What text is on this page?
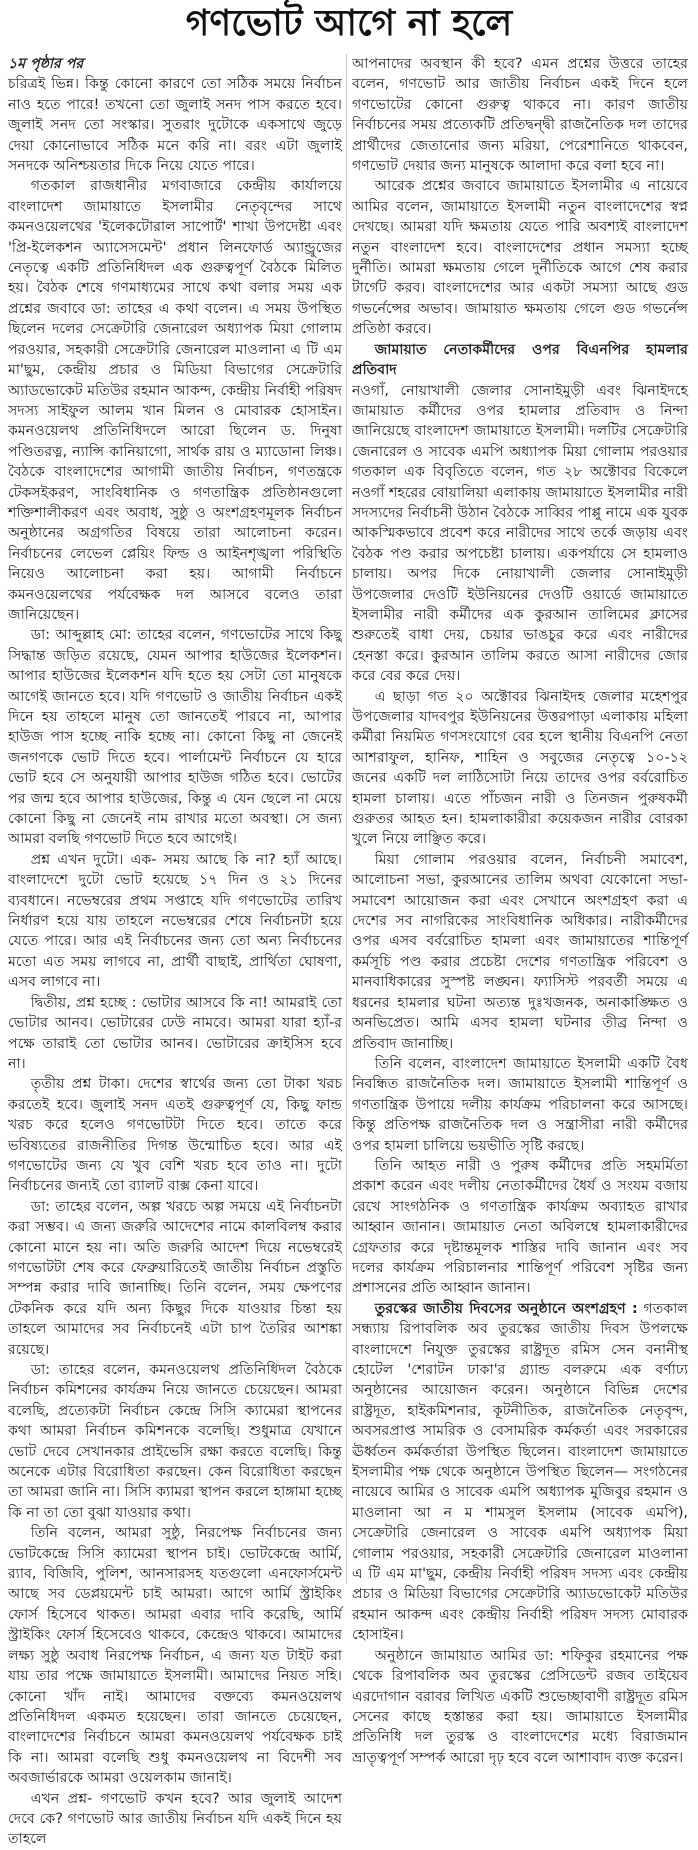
গণভোট আগে না হলে

১ম পৃষ্ঠার পর

চরিত্রই ভিন্ন। কিন্তু কোনো কারণে তো সঠিক সময়ে নির্বাচন নাও হতে পারে! তখনো তো জুলাই সনদ পাস করতে হবে। জুলাই সনদ তো সংস্কার। সুতরাং দুটোকে একসাথে জুড়ে দেয়া কোনোভাবে সঠিক মনে করি না। বরং এটা জুলাই সনদকে অনিশ্চয়তার দিকে নিয়ে যেতে পারে।

গতকাল রাজধানীর মগবাজারে কেন্দ্রীয় কার্যালয়ে বাংলাদেশ জামায়াতে ইসলামীর নেতৃবৃন্দের সাথে কমনওয়েলথের 'ইলেকটোরাল সাপোর্ট' শাখা উপদেষ্টা এবং 'প্রি-ইলেকশন অ্যাসেসমেন্ট' প্রধান লিনফোর্ড অ্যান্ড্রুজের নেতৃত্বে একটি প্রতিনিধিদল এক গুরুত্বপূর্ণ বৈঠকে মিলিত হয়। বৈঠক শেষে গণমাধ্যমের সাথে কথা বলার সময় এক প্রশ্নের জবাবে ডা: তাহের এ কথা বলেন। এ সময় উপস্থিত ছিলেন দলের সেক্রেটারি জেনারেল অধ্যাপক মিয়া গোলাম পরওয়ার, সহকারী সেক্রেটারি জেনারেল মাওলানা এ টি এম মা'ছুম, কেন্দ্রীয় প্রচার ও মিডিয়া বিভাগের সেক্রেটারি অ্যাডভোকেট মতিউর রহমান আকন্দ, কেন্দ্রীয় নির্বাহী পরিষদ সদস্য সাইফুল আলম খান মিলন ও মোবারক হোসাইন। কমনওয়েলথ প্রতিনিধিদলে আরো ছিলেন ড. দিনুষা পণ্ডিতরত্ন, ন্যান্সি কানিয়াগো, সার্থক রায় ও ম্যাডোনা লিঞ্চ। বৈঠকে বাংলাদেশের আগামী জাতীয় নির্বাচন, গণতন্ত্রকে টেকসইকরণ, সাংবিধানিক ও গণতান্ত্রিক প্রতিষ্ঠানগুলো শক্তিশালীকরণ এবং অবাধ, সুষ্ঠু ও অংশগ্রহণমূলক নির্বাচন অনুষ্ঠানের অগ্রগতির বিষয়ে তারা আলোচনা করেন। নির্বাচনের লেভেল প্লেয়িং ফিল্ড ও আইনশৃঙ্খলা পরিস্থিতি নিয়েও আলোচনা করা হয়। আগামী নির্বাচনে কমনওয়েলথের পর্যবেক্ষক দল আসবে বলেও তারা জানিয়েছেন।

ডা: আব্দুল্লাহ মো: তাহের বলেন, গণভোটের সাথে কিছু সিদ্ধান্ত জড়িত রয়েছে, যেমন আপার হাউজের ইলেকশন। আপার হাউজের ইলেকশন যদি হতে হয় সেটা তো মানুষকে আগেই জানতে হবে। যদি গণভোট ও জাতীয় নির্বাচন একই দিনে হয় তাহলে মানুষ তো জানতেই পারবে না, আপার হাউজ পাস হচ্ছে নাকি হচ্ছে না। কোনো কিছু না জেনেই জনগণকে ভোট দিতে হবে। পার্লামেন্ট নির্বাচনে যে হারে ভোট হবে সে অনুযায়ী আপার হাউজ গঠিত হবে। ভোটের পর জন্ম হবে আপার হাউজের, কিন্তু এ যেন ছেলে না মেয়ে কোনো কিছু না জেনেই নাম রাখার মতো অবস্থা। সে জন্য আমরা বলছি গণভোট দিতে হবে আগেই।

প্রশ্ন এখন দুটো। এক- সময় আছে কি না? হ্যাঁ আছে। বাংলাদেশে দুটো ভোট হয়েছে ১৭ দিন ও ২১ দিনের ব্যবধানে। নভেম্বরের প্রথম সপ্তাহে যদি গণভোটের তারিখ নির্ধারণ হয়ে যায় তাহলে নভেম্বরের শেষে নির্বাচনটা হয়ে যেতে পারে। আর এই নির্বাচনের জন্য তো অন্য নির্বাচনের মতো এত সময় লাগবে না, প্রার্থী বাছাই, প্রার্থিতা ঘোষণা, এসব লাগবে না।

দ্বিতীয়, প্রশ্ন হচ্ছে : ভোটার আসবে কি না! আমরাই তো ভোটার আনব। ভোটারের ঢেউ নামবে। আমরা যারা হ্যাঁ-র পক্ষে তারাই তো ভোটার আনব। ভোটারের ক্রাইসিস হবে না।

তৃতীয় প্রশ্ন টাকা। দেশের স্বার্থের জন্য তো টাকা খরচ করতেই হবে। জুলাই সনদ এতই গুরুত্বপূর্ণ যে, কিছু ফান্ড খরচ করে হলেও গণভোটটা দিতে হবে। তাতে করে ভবিষ্যতের রাজনীতির দিগন্ত উন্মোচিত হবে। আর এই গণভোটের জন্য যে খুব বেশি খরচ হবে তাও না। দুটো নির্বাচনের জন্যই তো ব্যালট বাক্স কেনা যাবে।

ডা: তাহের বলেন, অল্প খরচে অল্প সময়ে এই নির্বাচনটা করা সম্ভব। এ জন্য জরুরি আদেশের নামে কালবিলম্ব করার কোনো মানে হয় না। অতি জরুরি আদেশ দিয়ে নভেম্বরেই গণভোটটা শেষ করে ফেব্রুয়ারিতেই জাতীয় নির্বাচন প্রস্তুতি সম্পন্ন করার দাবি জানাচ্ছি। তিনি বলেন, সময় ক্ষেপণের টেকনিক করে যদি অন্য কিছুর দিকে যাওয়ার চিন্তা হয় তাহলে আমাদের সব নির্বাচনেই এটা চাপ তৈরির আশঙ্কা রয়েছে।

ডা: তাহের বলেন, কমনওয়েলথ প্রতিনিধিদল বৈঠকে নির্বাচন কমিশনের কার্যক্রম নিয়ে জানতে চেয়েছেন। আমরা বলেছি, প্রত্যেকটা নির্বাচন কেন্দ্রে সিসি ক্যামেরা স্থাপনের কথা আমরা নির্বাচন কমিশনকে বলেছি। শুধুমাত্র যেখানে ভোট দেবে সেখানকার প্রাইভেসি রক্ষা করতে বলেছি। কিন্তু অনেকে এটার বিরোধিতা করছেন। কেন বিরোধিতা করছেন তা আমরা জানি না। সিসি ক্যামরা স্থাপন করলে হাঙ্গামা হচ্ছে কি না তা তো বুঝা যাওয়ার কথা।

তিনি বলেন, আমরা সুষ্ঠু, নিরপেক্ষ নির্বাচনের জন্য ভোটকেন্দ্রে সিসি ক্যামেরা স্থাপন চাই। ভোটকেন্দ্রে আর্মি, র‍্যাব, বিজিবি, পুলিশ, আনসারসহ যতগুলো এনফোর্সমেন্ট আছে সব ডেপ্লয়মেন্ট চাই আমরা। আগে আর্মি স্ট্রাইকিং ফোর্স হিসেবে থাকত। আমরা এবার দাবি করেছি, আর্মি স্ট্রাইকিং ফোর্স হিসেবেও থাকবে, কেন্দ্রেও থাকবে। আমাদের লক্ষ্য সুষ্ঠু অবাধ নিরপেক্ষ নির্বাচন, এ জন্য যত টাইট করা যায় তার পক্ষে জামায়াতে ইসলামী। আমাদের নিয়ত সহি। কোনো খাঁদ নাই। আমাদের বক্তব্যে কমনওয়েলথ প্রতিনিধিদল একমত হয়েছেন। তারা জানতে চেয়েছেন, বাংলাদেশের নির্বাচনে আমরা কমনওয়েলথ পর্যবেক্ষক চাই কি না। আমরা বলেছি শুধু কমনওয়েলথ না বিদেশী সব অবজার্ভারকে আমরা ওয়েলকাম জানাই।

এখন প্রশ্ন- গণভোট কখন হবে? আর জুলাই আদেশ দেবে কে? গণভোট আর জাতীয় নির্বাচন যদি একই দিনে হয় তাহলে

আপনাদের অবস্থান কী হবে? এমন প্রশ্নের উত্তরে তাহের বলেন, গণভোট আর জাতীয় নির্বাচন একই দিনে হলে গণভোটের কোনো গুরুত্ব থাকবে না। কারণ জাতীয় নির্বাচনের সময় প্রত্যেকটি প্রতিদ্বন্দ্বী রাজনৈতিক দল তাদের প্রার্থীদের জেতানোর জন্য মরিয়া, পেরেশানিতে থাকবেন, গণভোট দেয়ার জন্য মানুষকে আলাদা করে বলা হবে না।

আরেক প্রশ্নের জবাবে জামায়াতে ইসলামীর এ নায়েবে আমির বলেন, জামায়াতে ইসলামী নতুন বাংলাদেশের স্বপ্ন দেখছে। আমরা যদি ক্ষমতায় যেতে পারি অবশ্যই বাংলাদেশ নতুন বাংলাদেশ হবে। বাংলাদেশের প্রধান সমস্যা হচ্ছে দুর্নীতি। আমরা ক্ষমতায় গেলে দুর্নীতিকে আগে শেষ করার টার্গেট করব। বাংলাদেশের আর একটা সমস্যা আছে গুড গভর্নেন্সের অভাব। জামায়াত ক্ষমতায় গেলে গুড গভর্নেন্স প্রতিষ্ঠা করবে।

জামায়াত নেতাকর্মীদের ওপর বিএনপির হামলার প্রতিবাদ

নওগাঁ, নোয়াখালী জেলার সোনাইমুড়ী এবং ঝিনাইদহে জামায়াত কর্মীদের ওপর হামলার প্রতিবাদ ও নিন্দা জানিয়েছে বাংলাদেশ জামায়াতে ইসলামী। দলটির সেক্রেটারি জেনারেল ও সাবেক এমপি অধ্যাপক মিয়া গোলাম পরওয়ার গতকাল এক বিবৃতিতে বলেন, গত ২৮ অক্টোবর বিকেলে নওগাঁ শহরের বোয়ালিয়া এলাকায় জামায়াতে ইসলামীর নারী সদস্যদের নির্বাচনী উঠান বৈঠকে সাব্বির পাপ্পু নামে এক যুবক আকস্মিকভাবে প্রবেশ করে নারীদের সাথে তর্কে জড়ায় এবং বৈঠক পণ্ড করার অপচেষ্টা চালায়। একপর্যায়ে সে হামলাও চালায়। অপর দিকে নোয়াখালী জেলার সোনাইমুড়ী উপজেলার দেওটি ইউনিয়নের দেওটি ওয়ার্ডে জামায়াতে ইসলামীর নারী কর্মীদের এক কুরআন তালিমের ক্লাসের শুরুতেই বাধা দেয়, চেয়ার ভাঙচুর করে এবং নারীদের হেনস্তা করে। কুরআন তালিম করতে আসা নারীদের জোর করে বের করে দেয়।

এ ছাড়া গত ২০ অক্টোবর ঝিনাইদহ জেলার মহেশপুর উপজেলার যাদবপুর ইউনিয়নের উত্তরপাড়া এলাকায় মহিলা কর্মীরা নিয়মিত গণসংযোগে বের হলে স্থানীয় বিএনপি নেতা আশরাফুল, হানিফ, শাহিন ও সবুজের নেতৃত্বে ১০-১২ জনের একটি দল লাঠিসোটা নিয়ে তাদের ওপর বর্বরোচিত হামলা চালায়। এতে পাঁচজন নারী ও তিনজন পুরুষকর্মী গুরুতর আহত হন। হামলাকারীরা কয়েকজন নারীর বোরকা খুলে নিয়ে লাঞ্ছিত করে।

মিয়া গোলাম পরওয়ার বলেন, নির্বাচনী সমাবেশ, আলোচনা সভা, কুরআনের তালিম অথবা যেকোনো সভা-সমাবেশ আয়োজন করা এবং সেখানে অংশগ্রহণ করা এ দেশের সব নাগরিকের সাংবিধানিক অধিকার। নারীকর্মীদের ওপর এসব বর্বরোচিত হামলা এবং জামায়াতের শান্তিপূর্ণ কর্মসূচি পণ্ড করার প্রচেষ্টা দেশের গণতান্ত্রিক পরিবেশ ও মানবাধিকারের সুস্পষ্ট লঙ্ঘন। ফ্যাসিস্ট পরবর্তী সময়ে এ ধরনের হামলার ঘটনা অত্যন্ত দুঃখজনক, অনাকাঙ্ক্ষিত ও অনভিপ্রেত। আমি এসব হামলা ঘটনার তীব্র নিন্দা ও প্রতিবাদ জানাচ্ছি।

তিনি বলেন, বাংলাদেশ জামায়াতে ইসলামী একটি বৈধ নিবন্ধিত রাজনৈতিক দল। জামায়াতে ইসলামী শান্তিপূর্ণ ও গণতান্ত্রিক উপায়ে দলীয় কার্যক্রম পরিচালনা করে আসছে। কিন্তু প্রতিপক্ষ রাজনৈতিক দল ও সন্ত্রাসীরা নারী কর্মীদের ওপর হামলা চালিয়ে ভয়ভীতি সৃষ্টি করছে।

তিনি আহত নারী ও পুরুষ কর্মীদের প্রতি সহমর্মিতা প্রকাশ করেন এবং দলীয় নেতাকর্মীদের ধৈর্য ও সংযম বজায় রেখে সাংগঠনিক ও গণতান্ত্রিক কার্যক্রম অব্যাহত রাখার আহ্বান জানান। জামায়াত নেতা অবিলম্বে হামলাকারীদের গ্রেফতার করে দৃষ্টান্তমূলক শাস্তির দাবি জানান এবং সব দলের কার্যক্রম পরিচালনার শান্তিপূর্ণ পরিবেশ সৃষ্টির জন্য প্রশাসনের প্রতি আহ্বান জানান।

তুরস্কের জাতীয় দিবসের অনুষ্ঠানে অংশগ্রহণ : গতকাল সন্ধ্যায় রিপাবলিক অব তুরস্কের জাতীয় দিবস উপলক্ষে বাংলাদেশে নিযুক্ত তুরস্কের রাষ্ট্রদূত রমিস সেন বনানীস্থ হোটেল 'শেরাটন ঢাকা'র গ্র্যান্ড বলরুমে এক বর্ণাঢ্য অনুষ্ঠানের আয়োজন করেন। অনুষ্ঠানে বিভিন্ন দেশের রাষ্ট্রদূত, হাইকমিশনার, কূটনীতিক, রাজনৈতিক নেতৃবৃন্দ, অবসরপ্রাপ্ত সামরিক ও বেসামরিক কর্মকর্তা এবং সরকারের ঊর্ধ্বতন কর্মকর্তারা উপস্থিত ছিলেন। বাংলাদেশ জামায়াতে ইসলামীর পক্ষ থেকে অনুষ্ঠানে উপস্থিত ছিলেন— সংগঠনের নায়েবে আমির ও সাবেক এমপি অধ্যাপক মুজিবুর রহমান ও মাওলানা আ ন ম শামসুল ইসলাম (সাবেক এমপি), সেক্রেটারি জেনারেল ও সাবেক এমপি অধ্যাপক মিয়া গোলাম পরওয়ার, সহকারী সেক্রেটারি জেনারেল মাওলানা এ টি এম মা'ছুম, কেন্দ্রীয় নির্বাহী পরিষদ সদস্য এবং কেন্দ্রীয় প্রচার ও মিডিয়া বিভাগের সেক্রেটারি অ্যাডভোকেট মতিউর রহমান আকন্দ এবং কেন্দ্রীয় নির্বাহী পরিষদ সদস্য মোবারক হোসাইন।

অনুষ্ঠানে জামায়াত আমির ডা: শফিকুর রহমানের পক্ষ থেকে রিপাবলিক অব তুরস্কের প্রেসিডেন্ট রজব তাইয়েব এরদোগান বরাবর লিখিত একটি শুভেচ্ছাবাণী রাষ্ট্রদূত রমিস সেনের কাছে হস্তান্তর করা হয়। জামায়াতে ইসলামীর প্রতিনিধি দল তুরস্ক ও বাংলাদেশের মধ্যে বিরাজমান ভ্রাতৃত্বপূর্ণ সম্পর্ক আরো দৃঢ় হবে বলে আশাবাদ ব্যক্ত করেন।
